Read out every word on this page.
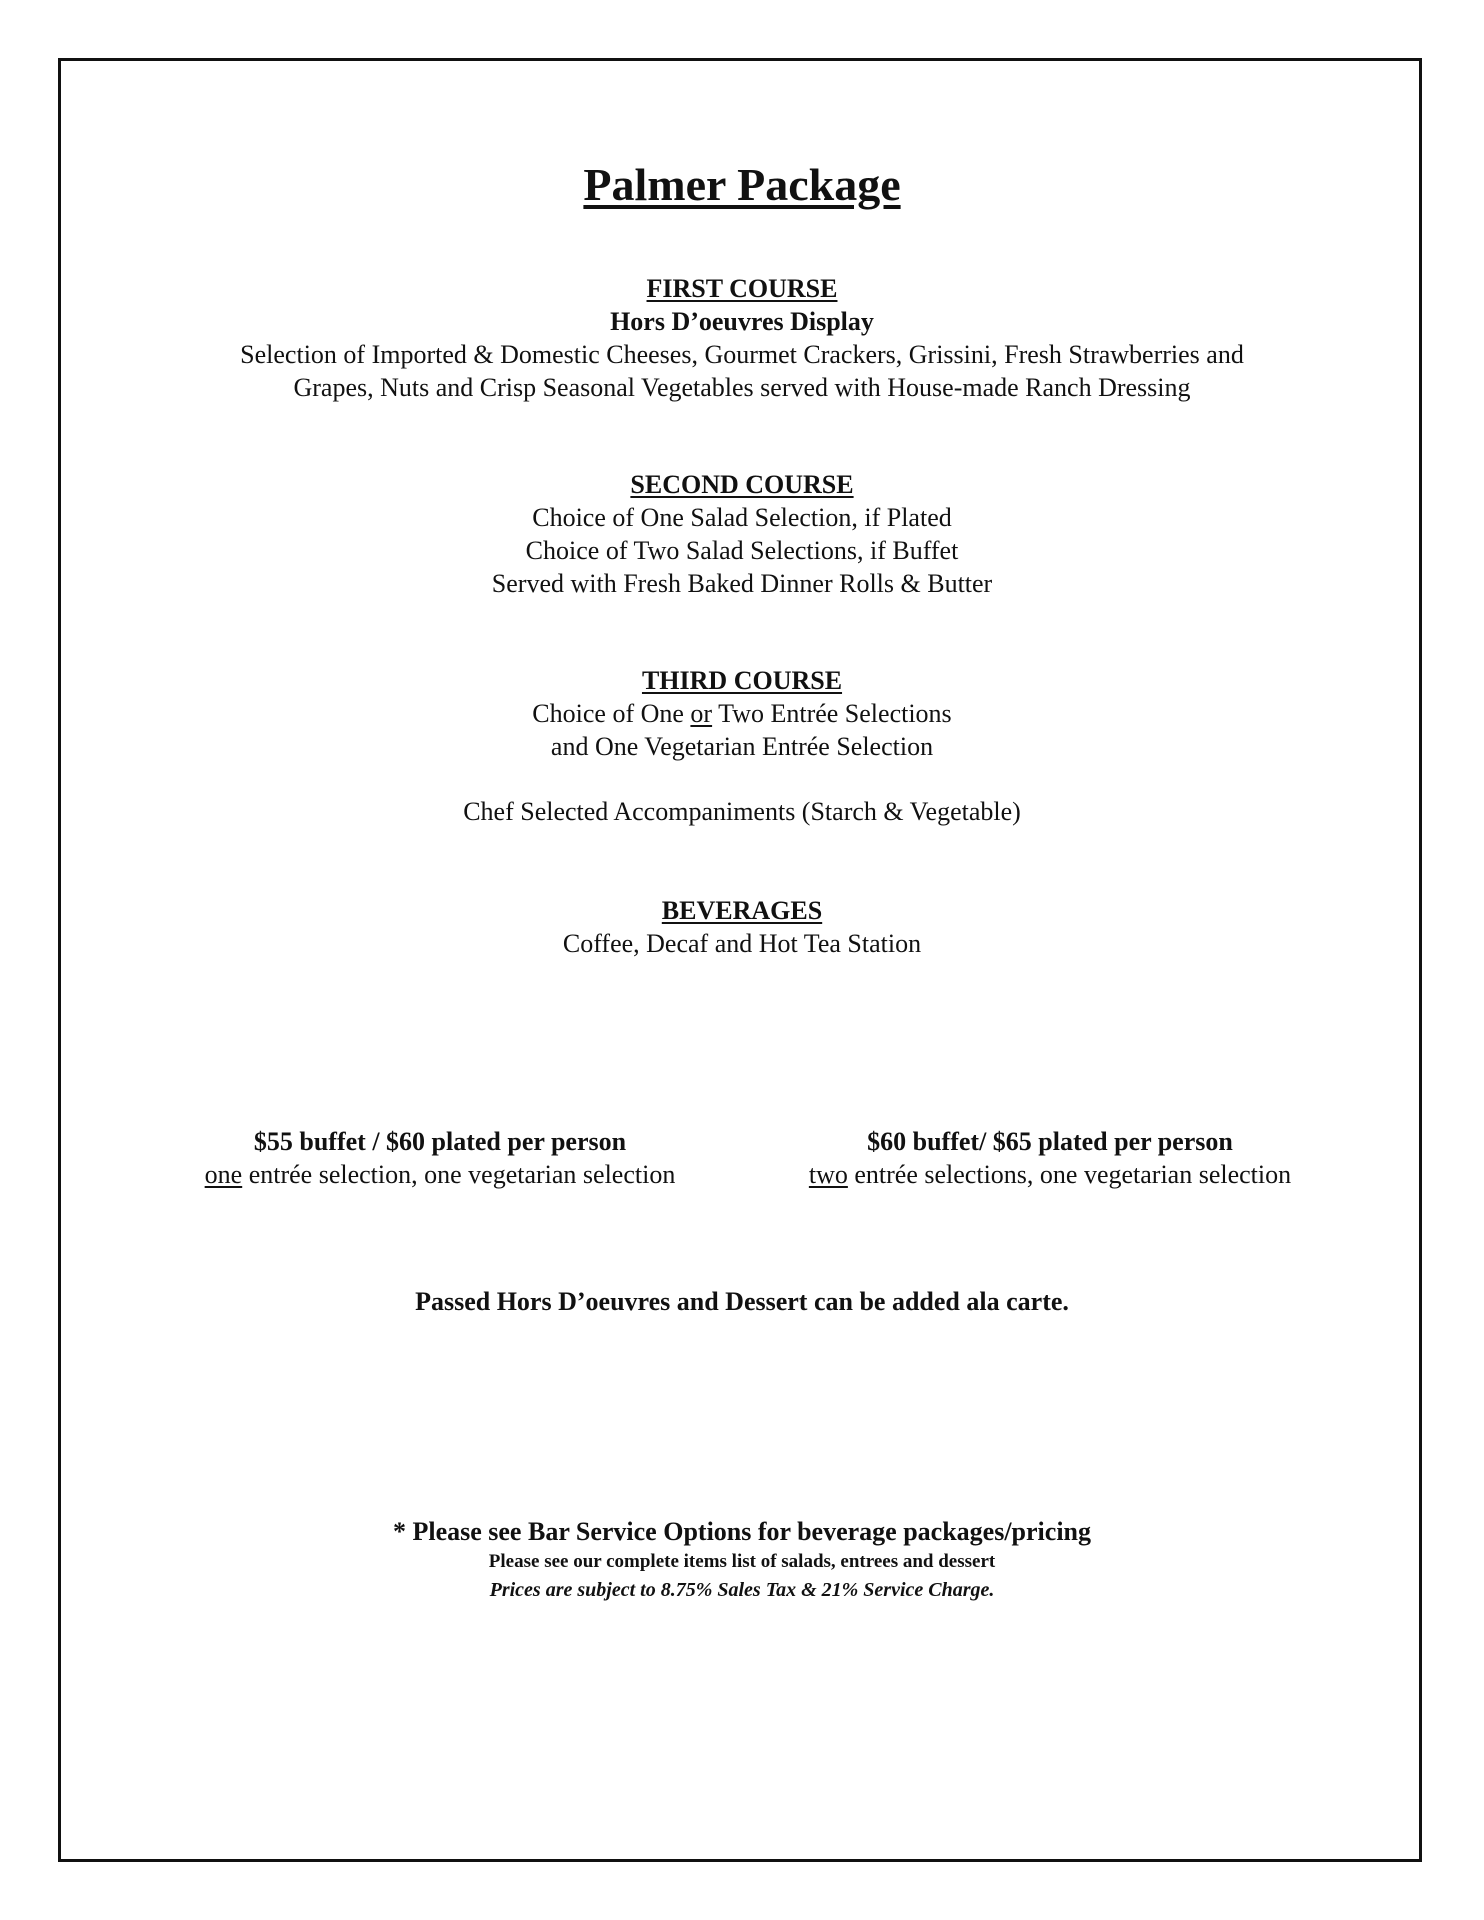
Palmer Package
FIRST COURSE
Hors D’oeuvres Display
Selection of Imported & Domestic Cheeses, Gourmet Crackers, Grissini, Fresh Strawberries and
Grapes, Nuts and Crisp Seasonal Vegetables served with House-made Ranch Dressing
SECOND COURSE
Choice of One Salad Selection, if Plated
Choice of Two Salad Selections, if Buffet
Served with Fresh Baked Dinner Rolls & Butter
THIRD COURSE
Choice of One or Two Entrée Selections
and One Vegetarian Entrée Selection
Chef Selected Accompaniments (Starch & Vegetable)
BEVERAGES
Coffee, Decaf and Hot Tea Station
$55 buffet / $60 plated per person
one entrée selection, one vegetarian selection
$60 buffet/ $65 plated per person
two entrée selections, one vegetarian selection
Passed Hors D’oeuvres and Dessert can be added ala carte.
* Please see Bar Service Options for beverage packages/pricing
Please see our complete items list of salads, entrees and dessert
Prices are subject to 8.75% Sales Tax & 21% Service Charge.
